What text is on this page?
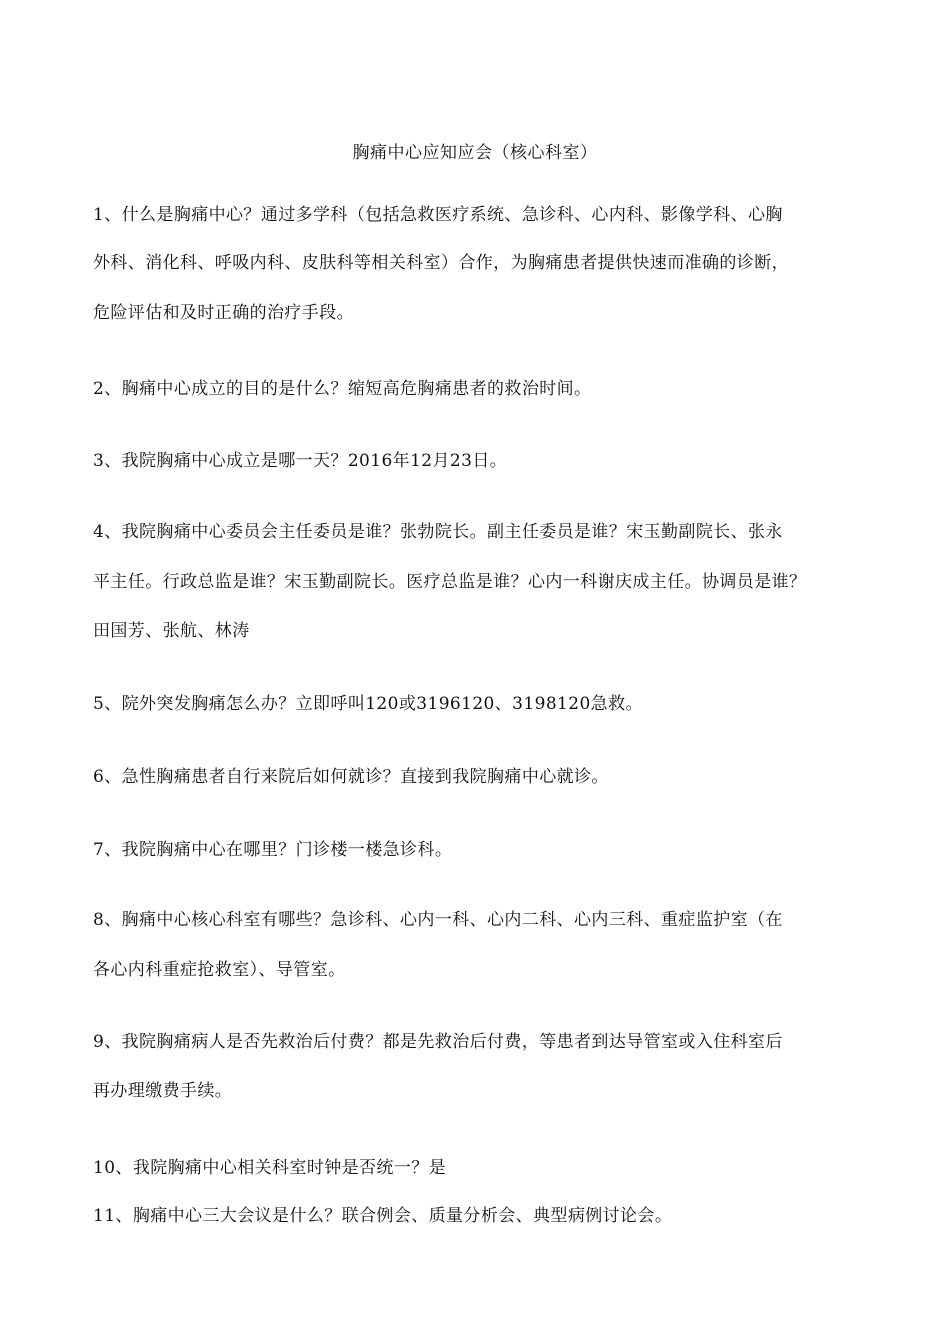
胸痛中心应知应会（核心科室）
1、什么是胸痛中心？通过多学科（包括急救医疗系统、急诊科、心内科、影像学科、心胸
外科、消化科、呼吸内科、皮肤科等相关科室）合作，为胸痛患者提供快速而准确的诊断，
危险评估和及时正确的治疗手段。
2、胸痛中心成立的目的是什么？缩短高危胸痛患者的救治时间。
3、我院胸痛中心成立是哪一天？2016年12月23日。
4、我院胸痛中心委员会主任委员是谁？张勃院长。副主任委员是谁？宋玉勤副院长、张永
平主任。行政总监是谁？宋玉勤副院长。医疗总监是谁？心内一科谢庆成主任。协调员是谁？
田国芳、张航、林涛
5、院外突发胸痛怎么办？立即呼叫120或3196120、3198120急救。
6、急性胸痛患者自行来院后如何就诊？直接到我院胸痛中心就诊。
7、我院胸痛中心在哪里？门诊楼一楼急诊科。
8、胸痛中心核心科室有哪些？急诊科、心内一科、心内二科、心内三科、重症监护室（在
各心内科重症抢救室）、导管室。
9、我院胸痛病人是否先救治后付费？都是先救治后付费，等患者到达导管室或入住科室后
再办理缴费手续。
10、我院胸痛中心相关科室时钟是否统一？是
11、胸痛中心三大会议是什么？联合例会、质量分析会、典型病例讨论会。
